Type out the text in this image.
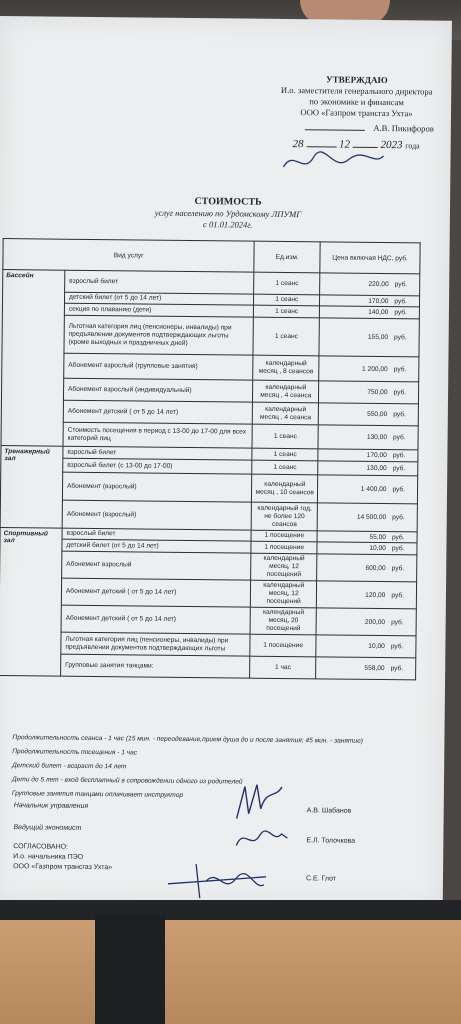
УТВЕРЖДАЮ
И.о. заместителя генерального директора
по экономике и финансам
ООО «Газпром трансгаз Ухта»
А.В. Пикифоров
28	12	2023 года
СТОИМОСТЬ
услуг населению по Урдомскому ЛПУМГ
с 01.01.2024г.
Вид услуг		Ед.изм.	Цена включая НДС, руб.
Бассейн	взрослый билет	1 сеанс	220,00 руб.
	детский билет (от 5 до 14 лет)	1 сеанс	170,00 руб.
	секция по плаванию (дети)	1 сеанс	140,00 руб.
	Льготная категория лиц (пенсионеры, инвалиды) при предъявлении документов подтверждающих льготы (кроме выходных и праздничных дней)	1 сеанс	155,00 руб.
	Абонемент взрослый (групповые занятия)	календарный месяц , 8 сеансов	1 200,00 руб.
	Абонемент взрослый (индивидуальный)	календарный месяц , 4 сеанса	750,00 руб.
	Абонемент детский ( от 5 до 14 лет)	календарный месяц , 4 сеанса	550,00 руб.
	Стоимость посещения в период с 13-00 до 17-00 для всех категорий лиц	1 сеанс	130,00 руб.
Тренажерный зал	взрослый билет	1 сеанс	170,00 руб.
	взрослый билет (с 13-00 до 17-00)	1 сеанс	130,00 руб.
	Абонемент (взрослый)	календарный месяц , 10 сеансов	1 400,00 руб.
	Абонемент (взрослый)	календарный год, не более 120 сеансов	14 500,00 руб.
Спортивный зал	взрослый билет	1 посещение	55,00 руб.
	детский билет (от 5 до 14 лет)	1 посещение	10,00 руб.
	Абонемент взрослый	календарный месяц, 12 посещений	600,00 руб.
	Абонемент детский ( от 5 до 14 лет)	календарный месяц, 12 посещений	120,00 руб.
	Абонемент детский ( от 5 до 14 лет)	календарный месяц, 20 посещений	200,00 руб.
	Льготная категория лиц (пенсионеры, инвалиды) при предъявлении документов подтверждающих льготы	1 посещение	10,00 руб.
	Групповые занятия танцами:	1 час	558,00 руб.
Продолжительность сеанса - 1 час (15 мин. - переодевание,прием душа до и после занятия; 45 мин. - занятие)
Продолжительность посещения - 1 час
Детский билет - возраст до 14 лет
Дети до 5 лет - вход бесплатный в сопровождении одного из родителей
Групповые занятия танцами оплачивает инструктор
Начальник управления
А.В. Шабанов
Ведущий экономист
Е.Л. Толочкова
СОГЛАСОВАНО:
И.о. начальника ПЭО
ООО «Газпром трансгаз Ухта»
С.Е. Глот
